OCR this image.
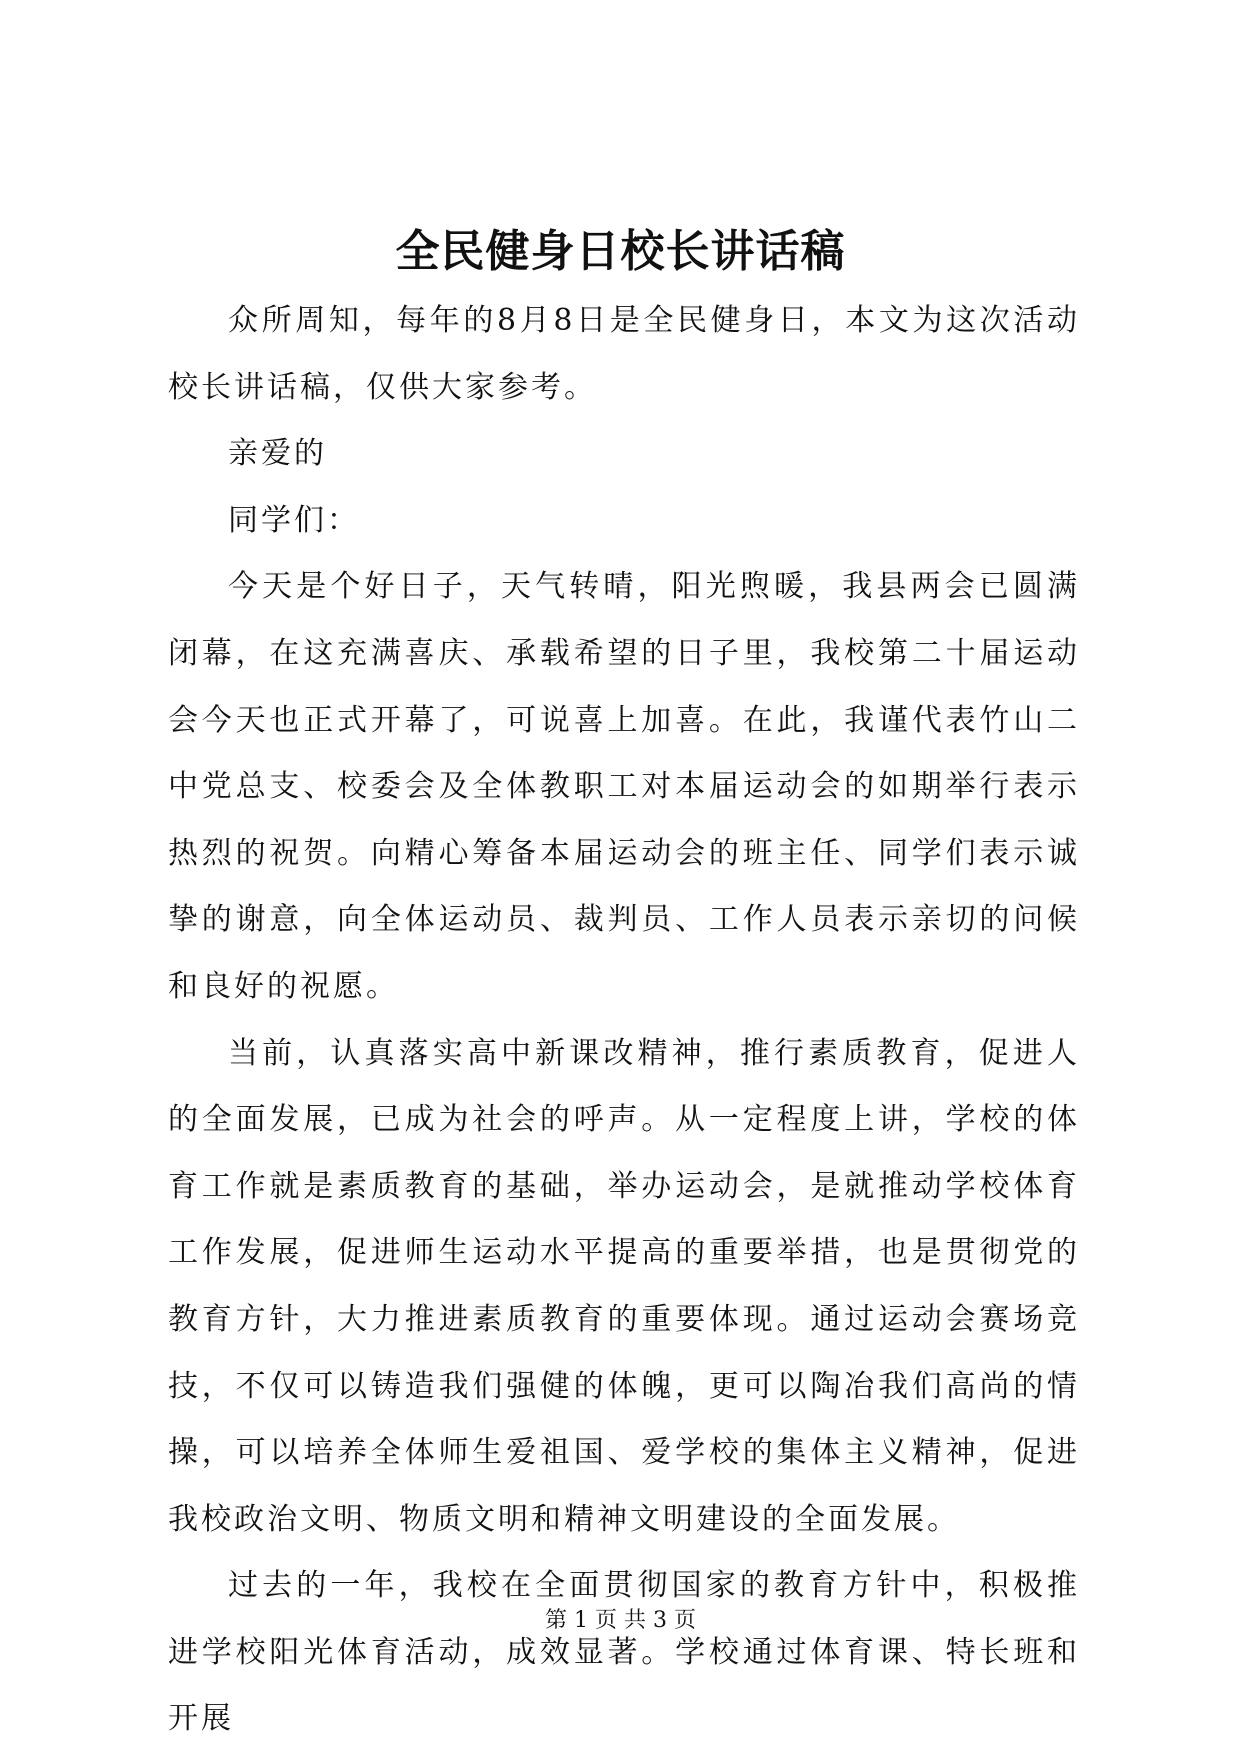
全民健身日校长讲话稿

众所周知，每年的8月8日是全民健身日，本文为这次活动校长讲话稿，仅供大家参考。

亲爱的

同学们：

今天是个好日子，天气转晴，阳光煦暖，我县两会已圆满闭幕，在这充满喜庆、承载希望的日子里，我校第二十届运动会今天也正式开幕了，可说喜上加喜。在此，我谨代表竹山二中党总支、校委会及全体教职工对本届运动会的如期举行表示热烈的祝贺。向精心筹备本届运动会的班主任、同学们表示诚挚的谢意，向全体运动员、裁判员、工作人员表示亲切的问候和良好的祝愿。

当前，认真落实高中新课改精神，推行素质教育，促进人的全面发展，已成为社会的呼声。从一定程度上讲，学校的体育工作就是素质教育的基础，举办运动会，是就推动学校体育工作发展，促进师生运动水平提高的重要举措，也是贯彻党的教育方针，大力推进素质教育的重要体现。通过运动会赛场竞技，不仅可以铸造我们强健的体魄，更可以陶冶我们高尚的情操，可以培养全体师生爱祖国、爱学校的集体主义精神，促进我校政治文明、物质文明和精神文明建设的全面发展。

过去的一年，我校在全面贯彻国家的教育方针中，积极推进学校阳光体育活动，成效显著。学校通过体育课、特长班和开展

第 1 页 共 3 页
